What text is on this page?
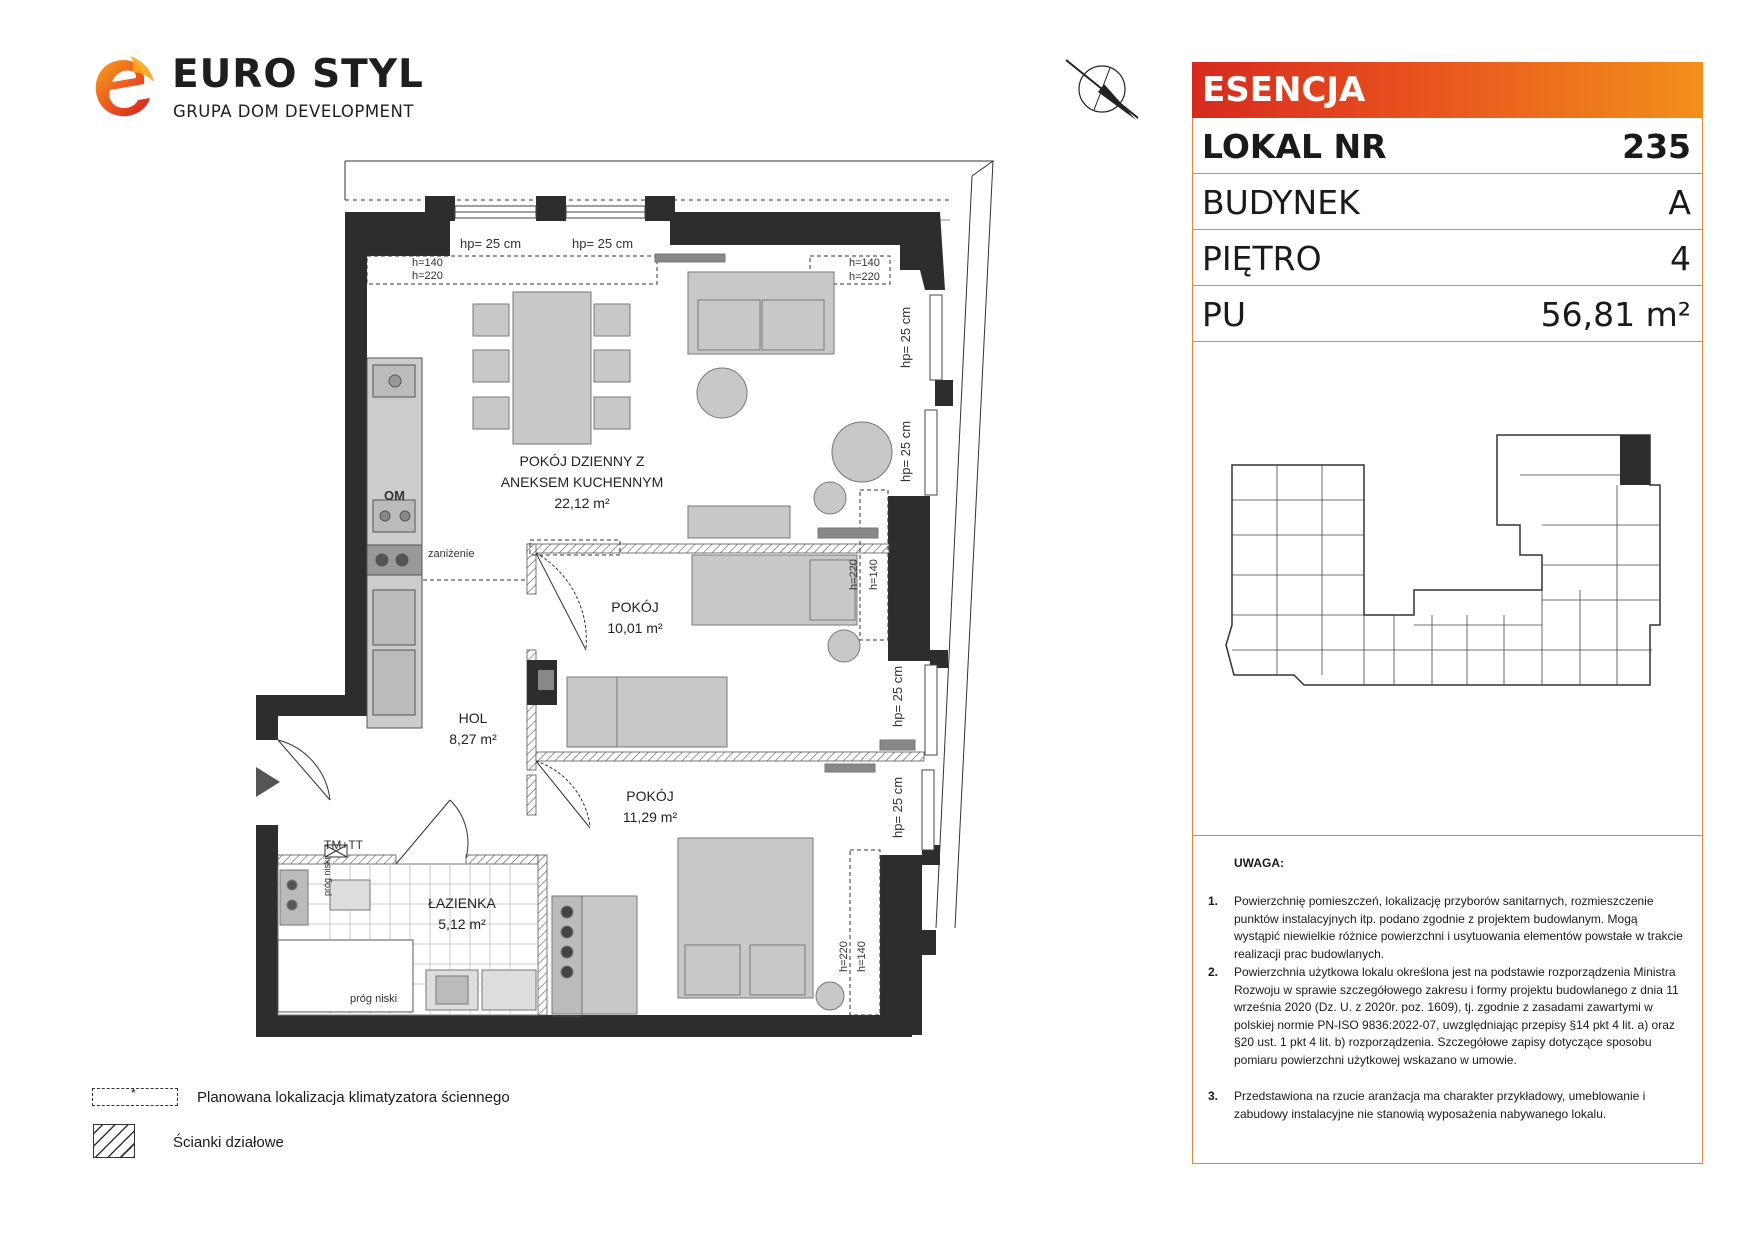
EURO STYL
GRUPA DOM DEVELOPMENT
POKÓJ DZIENNY Z
ANEKSEM KUCHENNYM
22,12 m²
POKÓJ
10,01 m²
POKÓJ
11,29 m²
HOL
8,27 m²
ŁAZIENKA
5,12 m²
hp= 25 cm	hp= 25 cm
hp= 25 cm
hp= 25 cm
hp= 25 cm
hp= 25 cm
h=140
h=220
h=140
h=220
h=220 h=140
h=220 h=140
zaniżenie
TM+TT
próg niski
próg niski
OM
ESENCJA
LOKAL NR	235
BUDYNEK	A
PIĘTRO	4
PU	56,81 m²
UWAGA:
1. Powierzchnię pomieszczeń, lokalizację przyborów sanitarnych, rozmieszczenie punktów instalacyjnych itp. podano zgodnie z projektem budowlanym. Mogą wystąpić niewielkie różnice powierzchni i usytuowania elementów powstałe w trakcie realizacji prac budowlanych.
2. Powierzchnia użytkowa lokalu określona jest na podstawie rozporządzenia Ministra Rozwoju w sprawie szczegółowego zakresu i formy projektu budowlanego z dnia 11 września 2020 (Dz. U. z 2020r. poz. 1609), tj. zgodnie z zasadami zawartymi w polskiej normie PN-ISO 9836:2022-07, uwzględniając przepisy §14 pkt 4 lit. a) oraz §20 ust. 1 pkt 4 lit. b) rozporządzenia. Szczegółowe zapisy dotyczące sposobu pomiaru powierzchni użytkowej wskazano w umowie.
3. Przedstawiona na rzucie aranżacja ma charakter przykładowy, umeblowanie i zabudowy instalacyjne nie stanowią wyposażenia nabywanego lokalu.
*	Planowana lokalizacja klimatyzatora ściennego
Ścianki działowe
